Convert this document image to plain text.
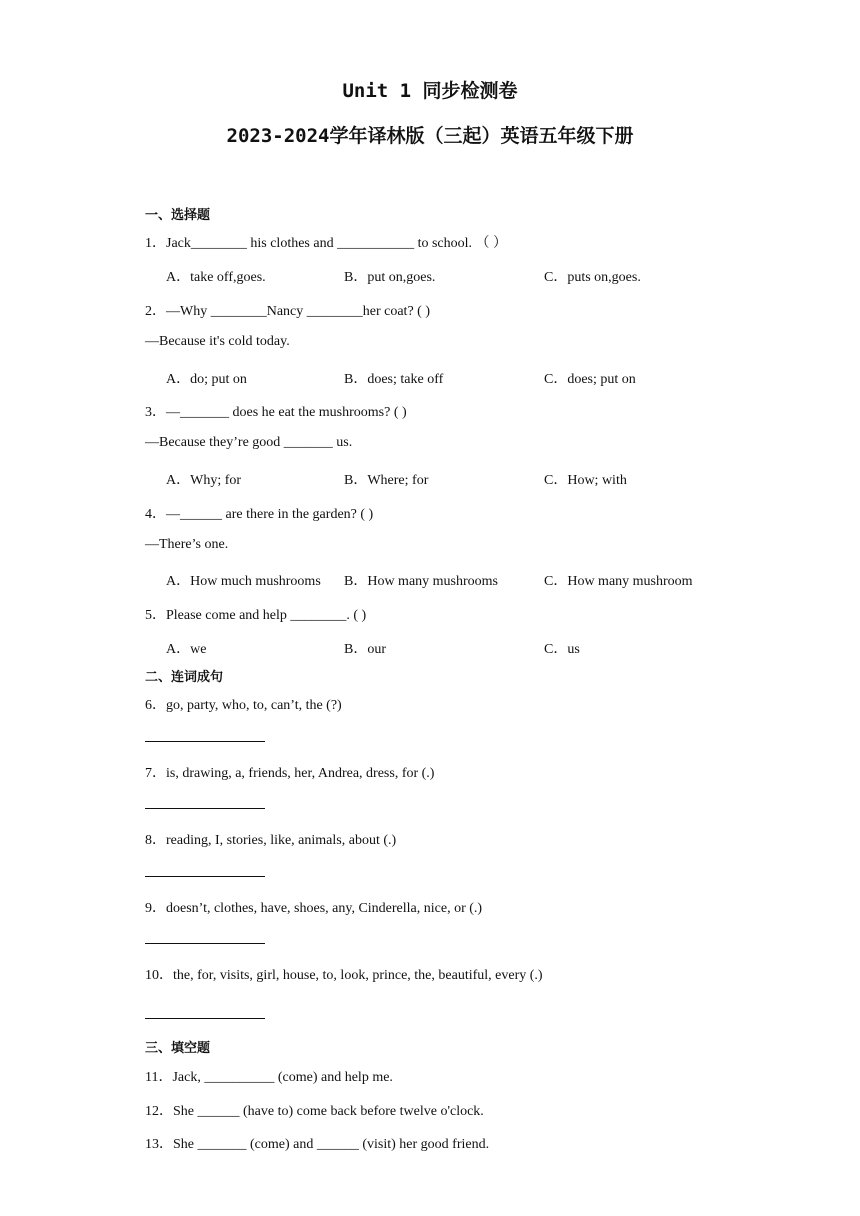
Unit 1 同步检测卷
2023-2024学年译林版（三起）英语五年级下册
一、选择题
1．Jack________ his clothes and ___________ to school. （ ）
A．take off,goes.	B．put on,goes.	C．puts on,goes.
2．—Why ________Nancy ________her coat? ( )
—Because it's cold today.
A．do; put on	B．does; take off	C．does; put on
3．—_______ does he eat the mushrooms? ( )
—Because they’re good _______ us.
A．Why; for	B．Where; for	C．How; with
4．—______ are there in the garden? ( )
—There’s one.
A．How much mushrooms B．How many mushrooms	C．How many mushroom
5．Please come and help ________. ( )
A．we	B．our	C．us
二、连词成句
6．go, party, who, to, can’t, the (?)
7．is, drawing, a, friends, her, Andrea, dress, for (.)
8．reading, I, stories, like, animals, about (.)
9．doesn’t, clothes, have, shoes, any, Cinderella, nice, or (.)
10．the, for, visits, girl, house, to, look, prince, the, beautiful, every (.)
三、填空题
11．Jack, __________ (come) and help me.
12．She ______ (have to) come back before twelve o'clock.
13．She _______ (come) and ______ (visit) her good friend.
